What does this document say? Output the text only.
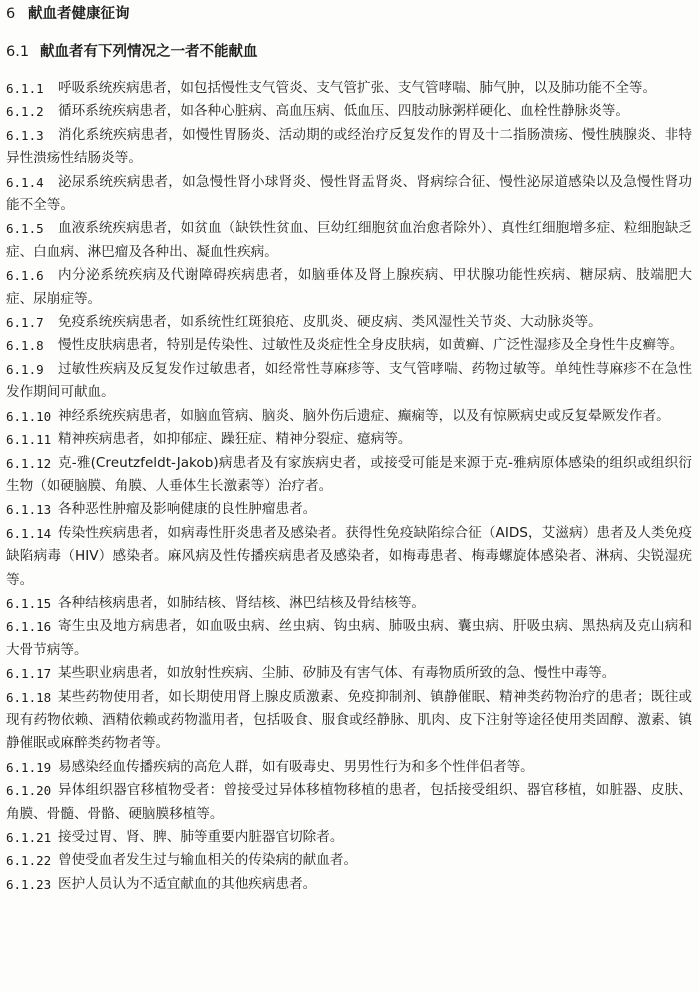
6 献血者健康征询
6.1 献血者有下列情况之一者不能献血
6.1.1	呼吸系统疾病患者，如包括慢性支气管炎、支气管扩张、支气管哮喘、肺气肿，以及肺功能不全等。
6.1.2	循环系统疾病患者，如各种心脏病、高血压病、低血压、四肢动脉粥样硬化、血栓性静脉炎等。
6.1.3	消化系统疾病患者，如慢性胃肠炎、活动期的或经治疗反复发作的胃及十二指肠溃疡、慢性胰腺炎、非特异性溃疡性结肠炎等。
6.1.4	泌尿系统疾病患者，如急慢性肾小球肾炎、慢性肾盂肾炎、肾病综合征、慢性泌尿道感染以及急慢性肾功能不全等。
6.1.5	血液系统疾病患者，如贫血（缺铁性贫血、巨幼红细胞贫血治愈者除外）、真性红细胞增多症、粒细胞缺乏症、白血病、淋巴瘤及各种出、凝血性疾病。
6.1.6	内分泌系统疾病及代谢障碍疾病患者，如脑垂体及肾上腺疾病、甲状腺功能性疾病、糖尿病、肢端肥大症、尿崩症等。
6.1.7	免疫系统疾病患者，如系统性红斑狼疮、皮肌炎、硬皮病、类风湿性关节炎、大动脉炎等。
6.1.8	慢性皮肤病患者，特别是传染性、过敏性及炎症性全身皮肤病，如黄癣、广泛性湿疹及全身性牛皮癣等。
6.1.9	过敏性疾病及反复发作过敏患者，如经常性荨麻疹等、支气管哮喘、药物过敏等。单纯性荨麻疹不在急性发作期间可献血。
6.1.10 神经系统疾病患者，如脑血管病、脑炎、脑外伤后遗症、癫痫等，以及有惊厥病史或反复晕厥发作者。
6.1.11 精神疾病患者，如抑郁症、躁狂症、精神分裂症、癔病等。
6.1.12 克-雅(Creutzfeldt-Jakob)病患者及有家族病史者，或接受可能是来源于克-雅病原体感染的组织或组织衍生物（如硬脑膜、角膜、人垂体生长激素等）治疗者。
6.1.13 各种恶性肿瘤及影响健康的良性肿瘤患者。
6.1.14 传染性疾病患者，如病毒性肝炎患者及感染者。获得性免疫缺陷综合征（AIDS，艾滋病）患者及人类免疫缺陷病毒（HIV）感染者。麻风病及性传播疾病患者及感染者，如梅毒患者、梅毒螺旋体感染者、淋病、尖锐湿疣等。
6.1.15 各种结核病患者，如肺结核、肾结核、淋巴结核及骨结核等。
6.1.16 寄生虫及地方病患者，如血吸虫病、丝虫病、钩虫病、肺吸虫病、囊虫病、肝吸虫病、黑热病及克山病和大骨节病等。
6.1.17 某些职业病患者，如放射性疾病、尘肺、矽肺及有害气体、有毒物质所致的急、慢性中毒等。
6.1.18 某些药物使用者，如长期使用肾上腺皮质激素、免疫抑制剂、镇静催眠、精神类药物治疗的患者；既往或现有药物依赖、酒精依赖或药物滥用者，包括吸食、服食或经静脉、肌肉、皮下注射等途径使用类固醇、激素、镇静催眠或麻醉类药物者等。
6.1.19 易感染经血传播疾病的高危人群，如有吸毒史、男男性行为和多个性伴侣者等。
6.1.20 异体组织器官移植物受者：曾接受过异体移植物移植的患者，包括接受组织、器官移植，如脏器、皮肤、角膜、骨髓、骨骼、硬脑膜移植等。
6.1.21 接受过胃、肾、脾、肺等重要内脏器官切除者。
6.1.22 曾使受血者发生过与输血相关的传染病的献血者。
6.1.23 医护人员认为不适宜献血的其他疾病患者。
